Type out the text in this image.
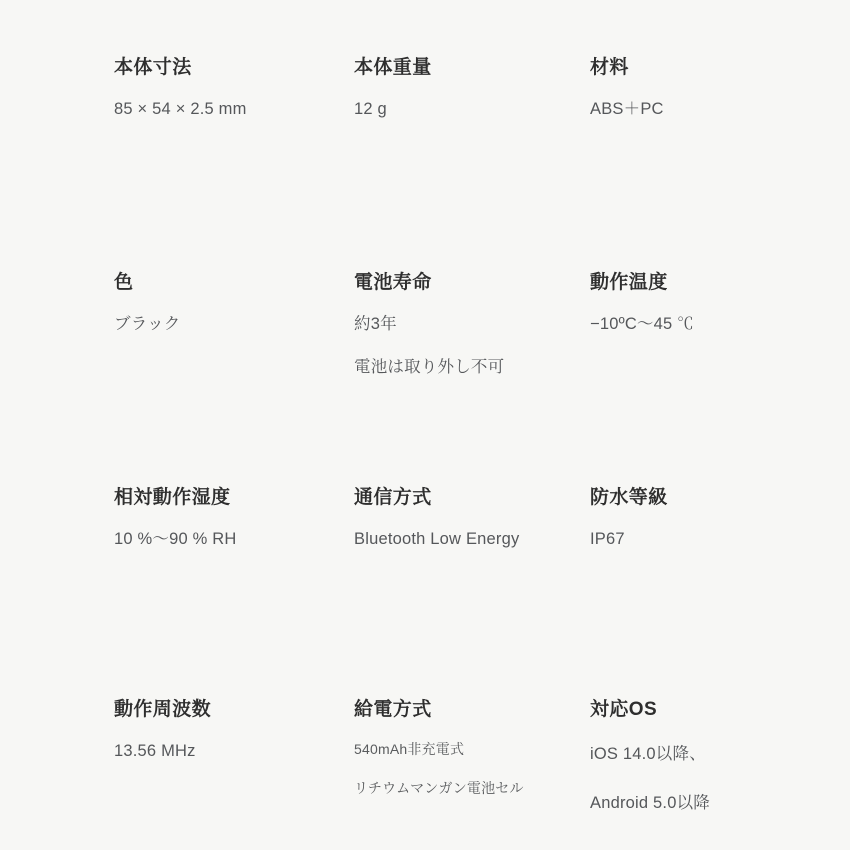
本体寸法
85 × 54 × 2.5 mm
本体重量
12 g
材料
ABS＋PC
色
ブラック
電池寿命
約3年
電池は取り外し不可
動作温度
−10ºC〜45 ℃
相対動作湿度
10 %〜90 % RH
通信方式
Bluetooth Low Energy
防水等級
IP67
動作周波数
13.56 MHz
給電方式
540mAh非充電式
リチウムマンガン電池セル
対応OS
iOS 14.0以降、
Android 5.0以降
